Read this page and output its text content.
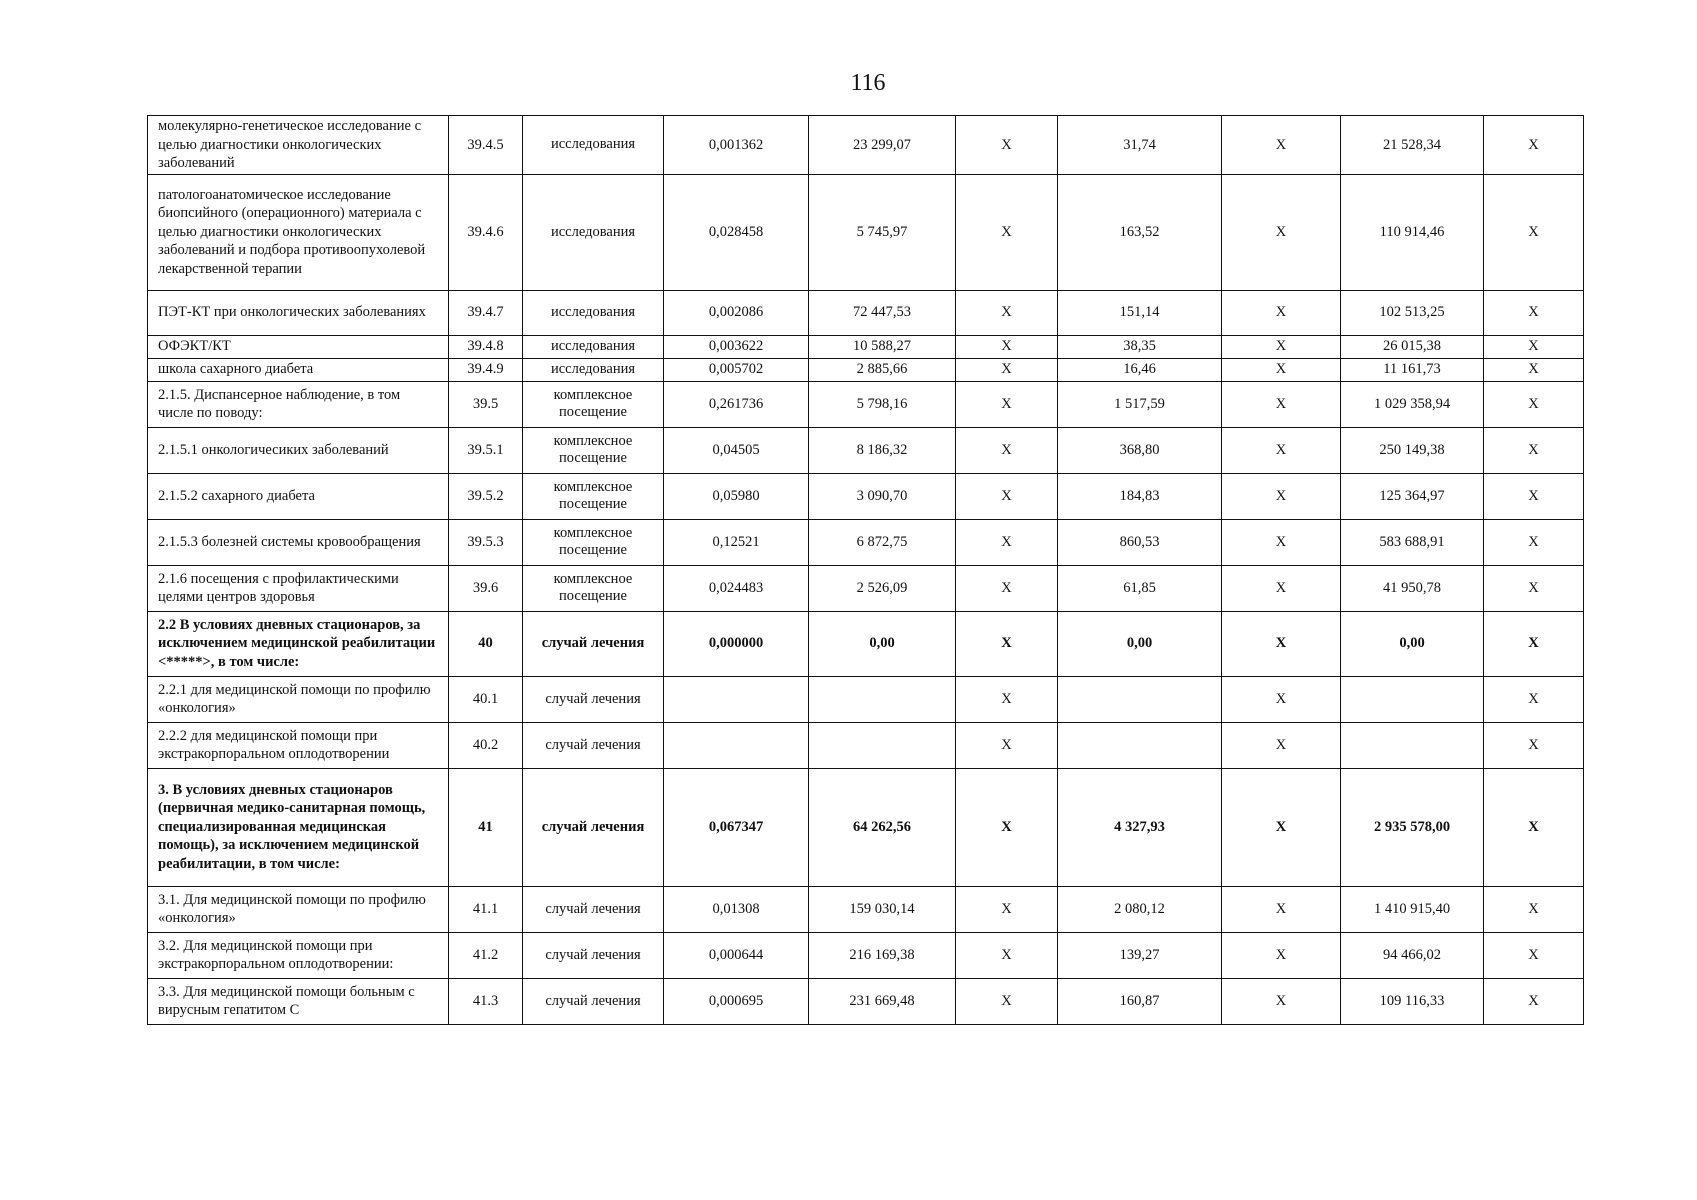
116
молекулярно-генетическое исследование с целью диагностики онкологических заболеваний	39.4.5	исследования	0,001362	23 299,07	X	31,74	X	21 528,34	X
патологоанатомическое исследование биопсийного (операционного) материала с целью диагностики онкологических заболеваний и подбора противоопухолевой лекарственной терапии	39.4.6	исследования	0,028458	5 745,97	X	163,52	X	110 914,46	X
ПЭТ-КТ при онкологических заболеваниях	39.4.7	исследования	0,002086	72 447,53	X	151,14	X	102 513,25	X
ОФЭКТ/КТ	39.4.8	исследования	0,003622	10 588,27	X	38,35	X	26 015,38	X
школа сахарного диабета	39.4.9	исследования	0,005702	2 885,66	X	16,46	X	11 161,73	X
2.1.5. Диспансерное наблюдение, в том числе по поводу:	39.5	комплексное посещение	0,261736	5 798,16	X	1 517,59	X	1 029 358,94	X
2.1.5.1 онкологичесиких заболеваний	39.5.1	комплексное посещение	0,04505	8 186,32	X	368,80	X	250 149,38	X
2.1.5.2 сахарного диабета	39.5.2	комплексное посещение	0,05980	3 090,70	X	184,83	X	125 364,97	X
2.1.5.3 болезней системы кровообращения	39.5.3	комплексное посещение	0,12521	6 872,75	X	860,53	X	583 688,91	X
2.1.6 посещения с профилактическими целями центров здоровья	39.6	комплексное посещение	0,024483	2 526,09	X	61,85	X	41 950,78	X
2.2 В условиях дневных стационаров, за исключением медицинской реабилитации <*****>, в том числе:	40	случай лечения	0,000000	0,00	X	0,00	X	0,00	X
2.2.1 для медицинской помощи по профилю «онкология»	40.1	случай лечения			X		X		X
2.2.2 для медицинской помощи при экстракорпоральном оплодотворении	40.2	случай лечения			X		X		X
3. В условиях дневных стационаров (первичная медико-санитарная помощь, специализированная медицинская помощь), за исключением медицинской реабилитации, в том числе:	41	случай лечения	0,067347	64 262,56	X	4 327,93	X	2 935 578,00	X
3.1. Для медицинской помощи по профилю «онкология»	41.1	случай лечения	0,01308	159 030,14	X	2 080,12	X	1 410 915,40	X
3.2. Для медицинской помощи при экстракорпоральном оплодотворении:	41.2	случай лечения	0,000644	216 169,38	X	139,27	X	94 466,02	X
3.3. Для медицинской помощи больным с вирусным гепатитом С	41.3	случай лечения	0,000695	231 669,48	X	160,87	X	109 116,33	X
